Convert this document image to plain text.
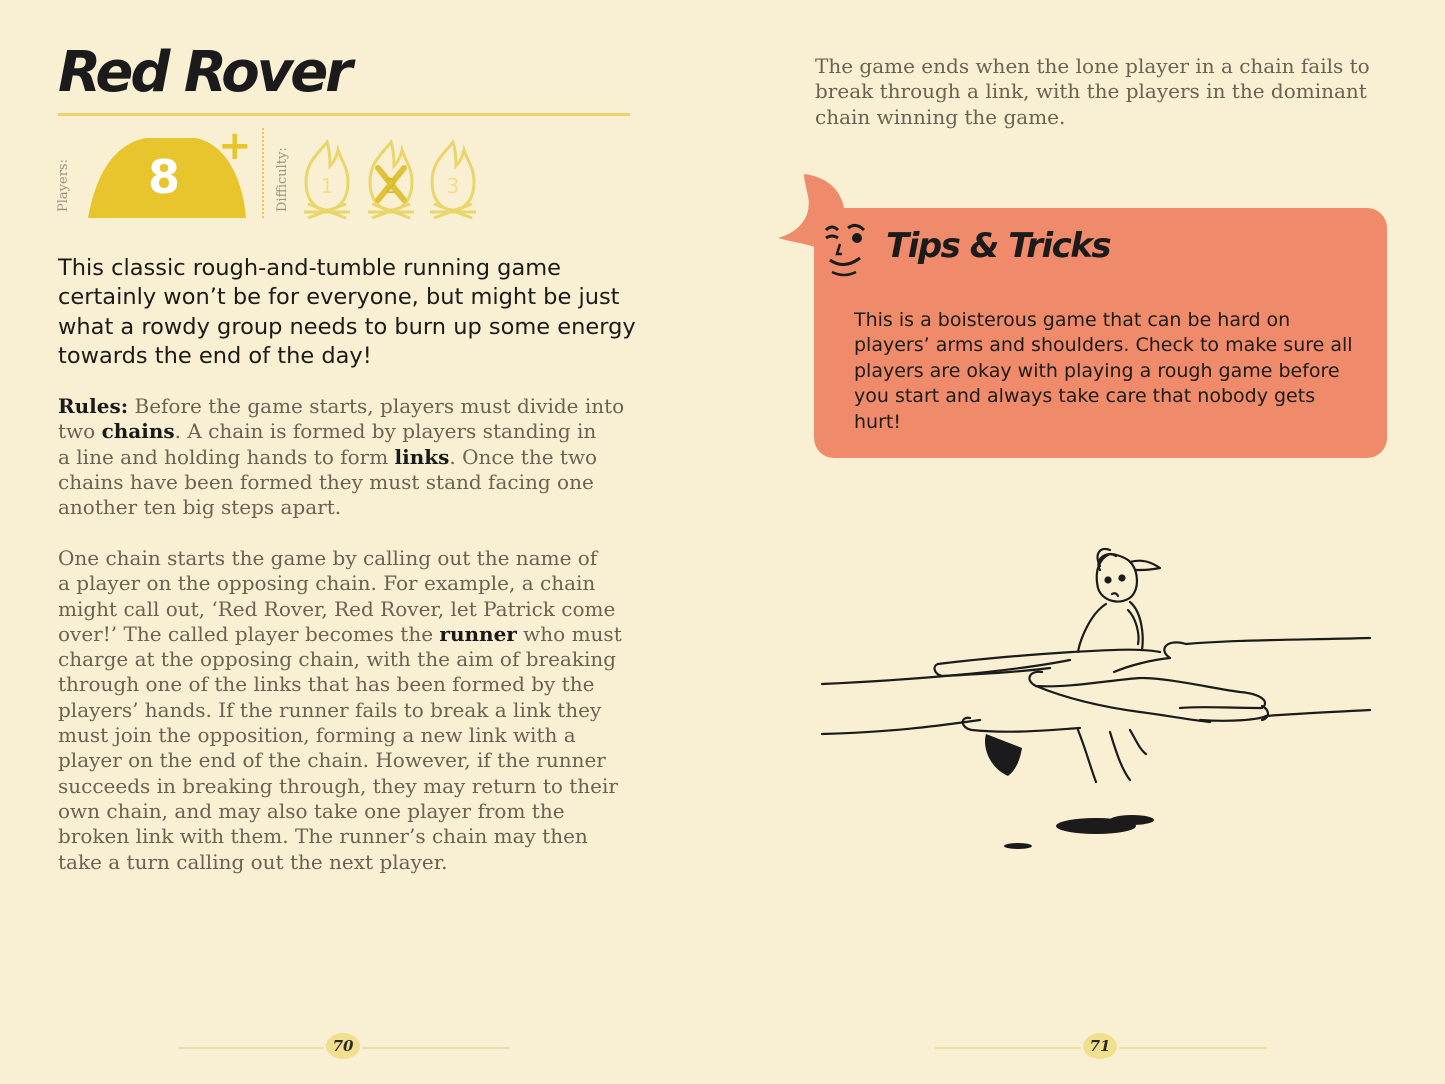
Red Rover
Players:	8
+
Difficulty:	1	2	3
This classic rough-and-tumble running game
certainly won’t be for everyone, but might be just
what a rowdy group needs to burn up some energy
towards the end of the day!
Rules: Before the game starts, players must divide into
two chains. A chain is formed by players standing in
a line and holding hands to form links. Once the two
chains have been formed they must stand facing one
another ten big steps apart.
One chain starts the game by calling out the name of
a player on the opposing chain. For example, a chain
might call out, ‘Red Rover, Red Rover, let Patrick come
over!’ The called player becomes the runner who must
charge at the opposing chain, with the aim of breaking
through one of the links that has been formed by the
players’ hands. If the runner fails to break a link they
must join the opposition, forming a new link with a
player on the end of the chain. However, if the runner
succeeds in breaking through, they may return to their
own chain, and may also take one player from the
broken link with them. The runner’s chain may then
take a turn calling out the next player.
70
The game ends when the lone player in a chain fails to
break through a link, with the players in the dominant
chain winning the game.
Tips & Tricks
This is a boisterous game that can be hard on
players’ arms and shoulders. Check to make sure all
players are okay with playing a rough game before
you start and always take care that nobody gets hurt!
71
